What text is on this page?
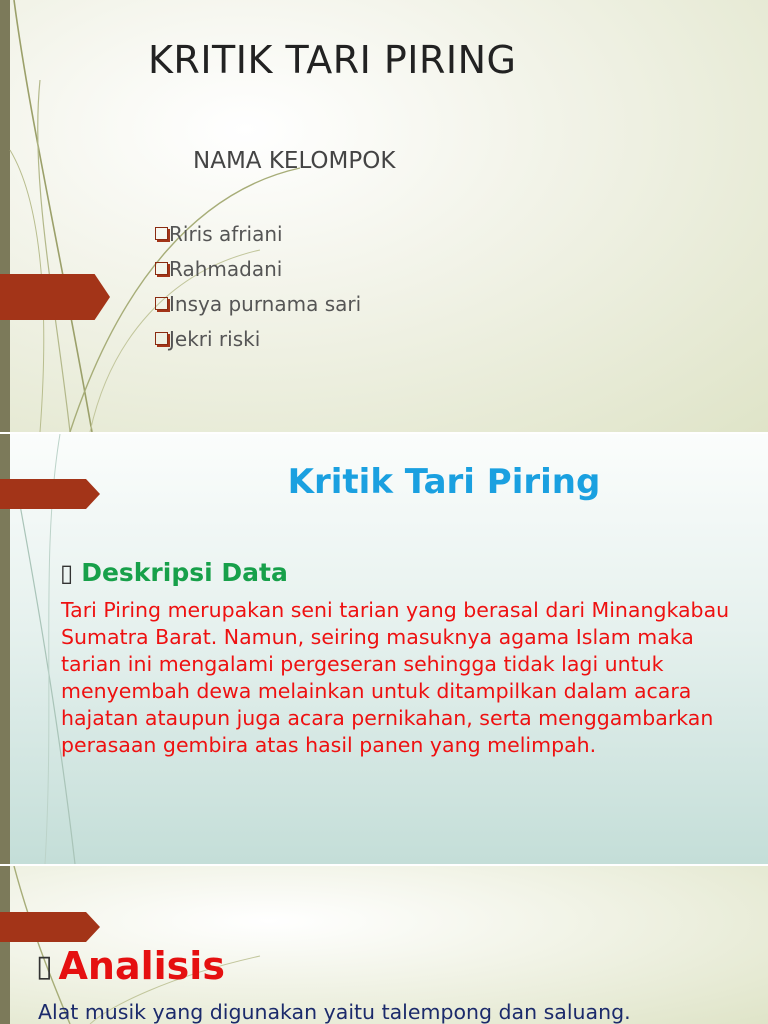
KRITIK TARI PIRING
NAMA KELOMPOK
Riris afriani
Rahmadani
Insya purnama sari
Jekri riski
Kritik Tari Piring
▯ Deskripsi Data

Tari Piring merupakan seni tarian yang berasal dari Minangkabau Sumatra Barat. Namun, seiring masuknya agama Islam maka tarian ini mengalami pergeseran sehingga tidak lagi untuk menyembah dewa melainkan untuk ditampilkan dalam acara hajatan ataupun juga acara pernikahan, serta menggambarkan perasaan gembira atas hasil panen yang melimpah.

▯ Analisis
Alat musik yang digunakan yaitu talempong dan saluang.
